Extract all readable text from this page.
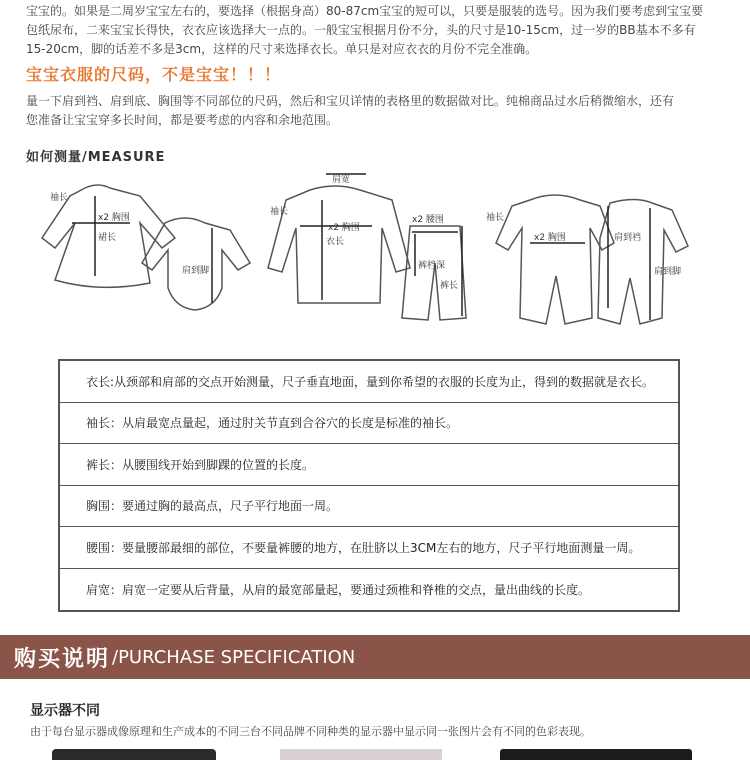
宝宝的。如果是二周岁宝宝左右的，要选择（根据身高）80-87cm宝宝的短可以，只要是服装的选号。因为我们要考虑到宝宝要

包纸尿布，二来宝宝长得快，衣衣应该选择大一点的。一般宝宝根据月份不分，头的尺寸是10-15cm，过一岁的BB基本不多有

15-20cm，脚的话差不多是3cm，这样的尺寸来选择衣长。单只是对应衣衣的月份不完全准确。

宝宝衣服的尺码，不是宝宝！！！

量一下肩到裆、肩到底、胸围等不同部位的尺码，然后和宝贝详情的表格里的数据做对比。纯棉商品过水后稍微缩水，还有

您准备让宝宝穿多长时间，都是要考虑的内容和余地范围。

如何测量/MEASURE
袖长
x2 胸围
裙长
肩到脚
肩宽
袖长
x2 胸围
衣长
x2 腰围
裤档深
裤长
袖长
x2 胸围	肩到裆
肩到脚
衣长:从颈部和肩部的交点开始测量，尺子垂直地面，量到你希望的衣服的长度为止，得到的数据就是衣长。
袖长：从肩最宽点量起，通过肘关节直到合谷穴的长度是标准的袖长。
裤长：从腰围线开始到脚踝的位置的长度。
胸围：要通过胸的最高点，尺子平行地面一周。
腰围：要量腰部最细的部位，不要量裤腰的地方，在肚脐以上3CM左右的地方，尺子平行地面测量一周。
肩宽：肩宽一定要从后背量，从肩的最宽部量起，要通过颈椎和脊椎的交点，量出曲线的长度。
购买说明 /PURCHASE SPECIFICATION
显示器不同
由于每台显示器成像原理和生产成本的不同三台不同品牌不同种类的显示器中显示同一张图片会有不同的色彩表现。
